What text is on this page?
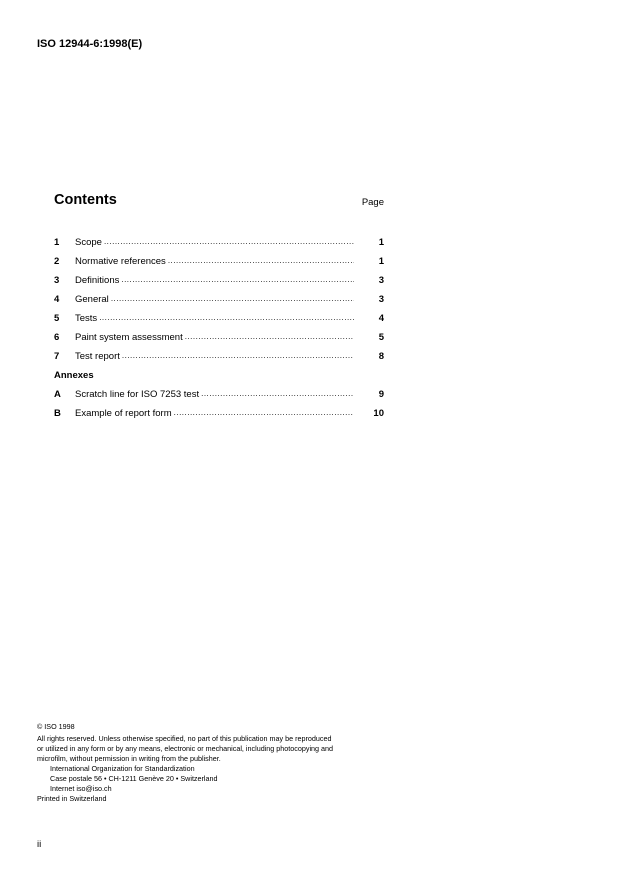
ISO 12944-6:1998(E)
Contents	Page
1	Scope .....	1
2	Normative references .....	1
3	Definitions .....	3
4	General .....	3
5	Tests .....	4
6	Paint system assessment .....	5
7	Test report .....	8
Annexes
A	Scratch line for ISO 7253 test .....	9
B	Example of report form .....	10
© ISO 1998
All rights reserved. Unless otherwise specified, no part of this publication may be reproduced
or utilized in any form or by any means, electronic or mechanical, including photocopying and
microfilm, without permission in writing from the publisher.
International Organization for Standardization
Case postale 56 • CH-1211 Genève 20 • Switzerland
Internet iso@iso.ch
Printed in Switzerland
ii
